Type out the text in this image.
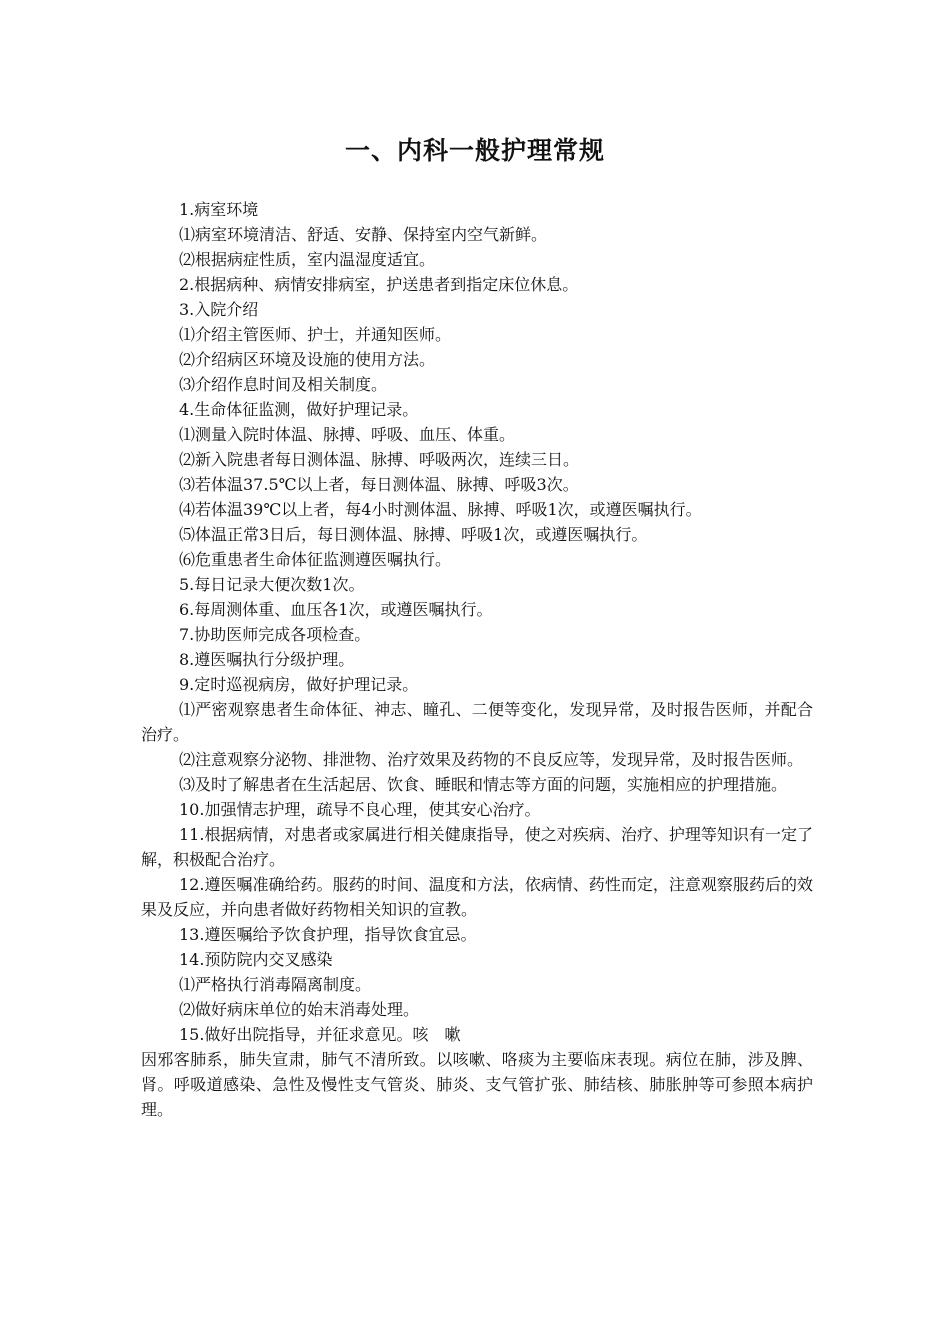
一、内科一般护理常规
1.病室环境
⑴病室环境清洁、舒适、安静、保持室内空气新鲜。
⑵根据病症性质，室内温湿度适宜。
2.根据病种、病情安排病室，护送患者到指定床位休息。
3.入院介绍
⑴介绍主管医师、护士，并通知医师。
⑵介绍病区环境及设施的使用方法。
⑶介绍作息时间及相关制度。
4.生命体征监测，做好护理记录。
⑴测量入院时体温、脉搏、呼吸、血压、体重。
⑵新入院患者每日测体温、脉搏、呼吸两次，连续三日。
⑶若体温37.5℃以上者，每日测体温、脉搏、呼吸3次。
⑷若体温39℃以上者，每4小时测体温、脉搏、呼吸1次，或遵医嘱执行。
⑸体温正常3日后，每日测体温、脉搏、呼吸1次，或遵医嘱执行。
⑹危重患者生命体征监测遵医嘱执行。
5.每日记录大便次数1次。
6.每周测体重、血压各1次，或遵医嘱执行。
7.协助医师完成各项检查。
8.遵医嘱执行分级护理。
9.定时巡视病房，做好护理记录。

⑴严密观察患者生命体征、神志、瞳孔、二便等变化，发现异常，及时报告医师，并配合治疗。

⑵注意观察分泌物、排泄物、治疗效果及药物的不良反应等，发现异常，及时报告医师。

⑶及时了解患者在生活起居、饮食、睡眠和情志等方面的问题，实施相应的护理措施。

10.加强情志护理，疏导不良心理，使其安心治疗。

11.根据病情，对患者或家属进行相关健康指导，使之对疾病、治疗、护理等知识有一定了解，积极配合治疗。

12.遵医嘱准确给药。服药的时间、温度和方法，依病情、药性而定，注意观察服药后的效果及反应，并向患者做好药物相关知识的宣教。

13.遵医嘱给予饮食护理，指导饮食宜忌。
14.预防院内交叉感染
⑴严格执行消毒隔离制度。
⑵做好病床单位的始末消毒处理。
15.做好出院指导，并征求意见。咳　嗽

因邪客肺系，肺失宣肃，肺气不清所致。以咳嗽、咯痰为主要临床表现。病位在肺，涉及脾、肾。呼吸道感染、急性及慢性支气管炎、肺炎、支气管扩张、肺结核、肺胀肿等可参照本病护理。
